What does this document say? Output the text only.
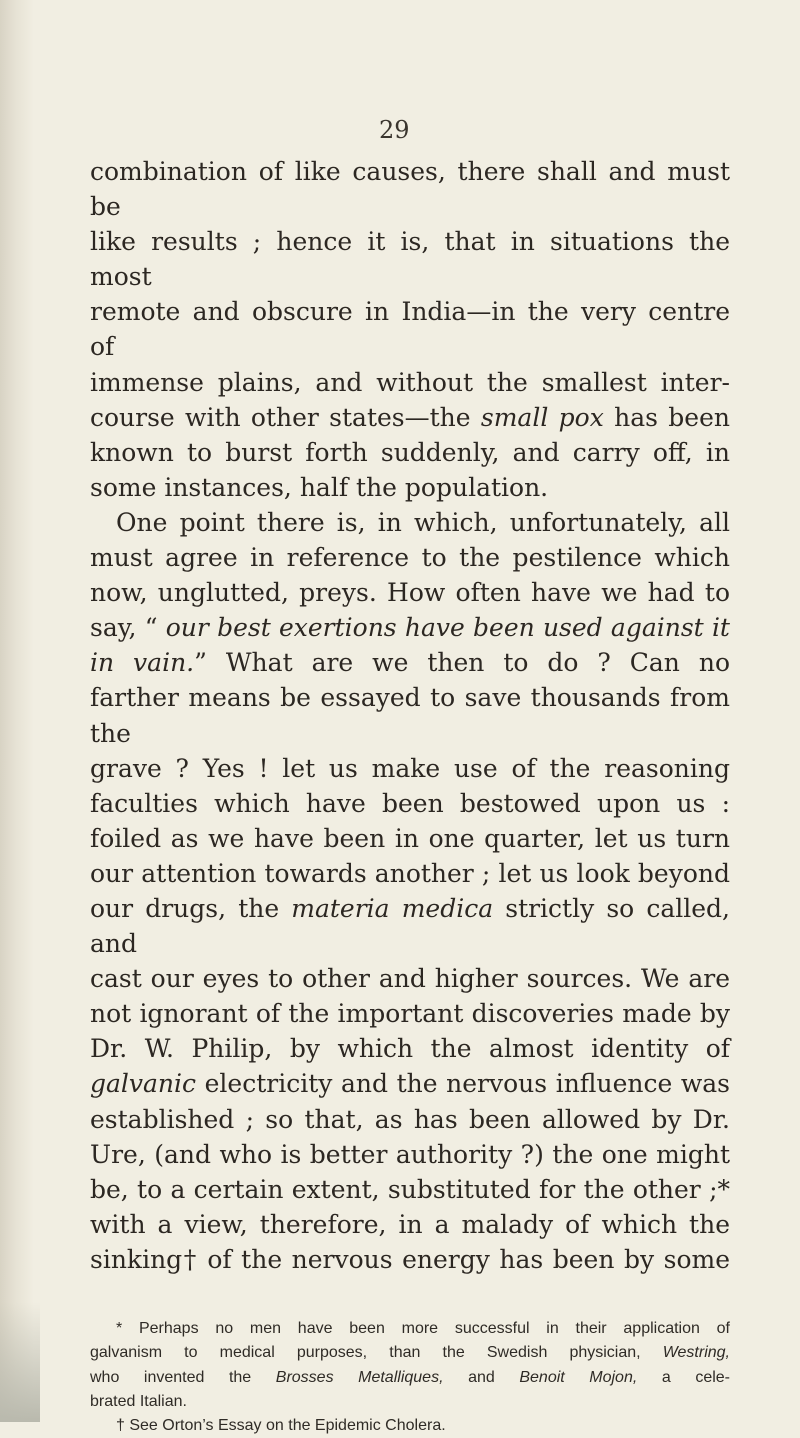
29
combination of like causes, there shall and must be
like results ; hence it is, that in situations the most
remote and obscure in India—in the very centre of
immense plains, and without the smallest inter-
course with other states—the small pox has been
known to burst forth suddenly, and carry off, in
some instances, half the population.
One point there is, in which, unfortunately, all
must agree in reference to the pestilence which
now, unglutted, preys. How often have we had to
say, “ our best exertions have been used against it
in vain.” What are we then to do ? Can no
farther means be essayed to save thousands from the
grave ? Yes ! let us make use of the reasoning
faculties which have been bestowed upon us :
foiled as we have been in one quarter, let us turn
our attention towards another ; let us look beyond
our drugs, the materia medica strictly so called, and
cast our eyes to other and higher sources. We are
not ignorant of the important discoveries made by
Dr. W. Philip, by which the almost identity of
galvanic electricity and the nervous influence was
established ; so that, as has been allowed by Dr.
Ure, (and who is better authority ?) the one might
be, to a certain extent, substituted for the other ;*
with a view, therefore, in a malady of which the
sinking† of the nervous energy has been by some
* Perhaps no men have been more successful in their application of
galvanism to medical purposes, than the Swedish physician, Westring,
who invented the Brosses Metalliques, and Benoit Mojon, a cele-
brated Italian.
† See Orton’s Essay on the Epidemic Cholera.
